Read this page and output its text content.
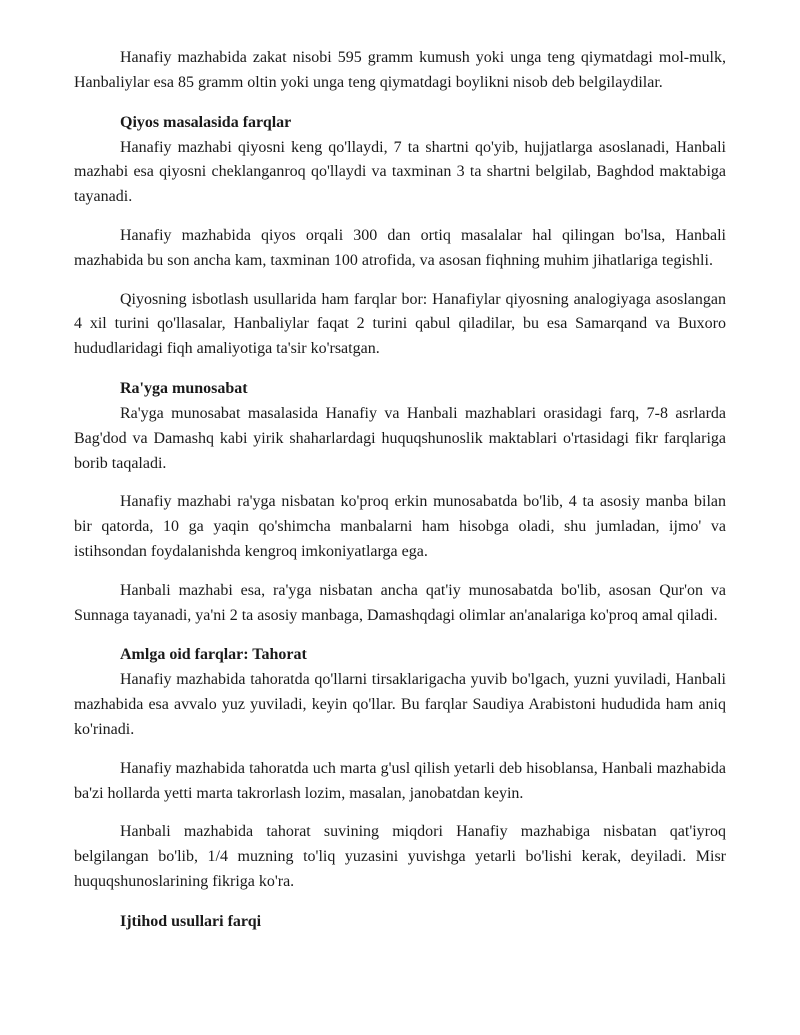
Hanafiy mazhabida zakat nisobi 595 gramm kumush yoki unga teng qiymatdagi mol-mulk, Hanbaliylar esa 85 gramm oltin yoki unga teng qiymatdagi boylikni nisob deb belgilaydilar.

Qiyos masalasida farqlar

Hanafiy mazhabi qiyosni keng qo'llaydi, 7 ta shartni qo'yib, hujjatlarga asoslanadi, Hanbali mazhabi esa qiyosni cheklanganroq qo'llaydi va taxminan 3 ta shartni belgilab, Baghdod maktabiga tayanadi.

Hanafiy mazhabida qiyos orqali 300 dan ortiq masalalar hal qilingan bo'lsa, Hanbali mazhabida bu son ancha kam, taxminan 100 atrofida, va asosan fiqhning muhim jihatlariga tegishli.

Qiyosning isbotlash usullarida ham farqlar bor: Hanafiylar qiyosning analogiyaga asoslangan 4 xil turini qo'llasalar, Hanbaliylar faqat 2 turini qabul qiladilar, bu esa Samarqand va Buxoro hududlaridagi fiqh amaliyotiga ta'sir ko'rsatgan.

Ra'yga munosabat

Ra'yga munosabat masalasida Hanafiy va Hanbali mazhablari orasidagi farq, 7-8 asrlarda Bag'dod va Damashq kabi yirik shaharlardagi huquqshunoslik maktablari o'rtasidagi fikr farqlariga borib taqaladi.

Hanafiy mazhabi ra'yga nisbatan ko'proq erkin munosabatda bo'lib, 4 ta asosiy manba bilan bir qatorda, 10 ga yaqin qo'shimcha manbalarni ham hisobga oladi, shu jumladan, ijmo' va istihsondan foydalanishda kengroq imkoniyatlarga ega.

Hanbali mazhabi esa, ra'yga nisbatan ancha qat'iy munosabatda bo'lib, asosan Qur'on va Sunnaga tayanadi, ya'ni 2 ta asosiy manbaga, Damashqdagi olimlar an'analariga ko'proq amal qiladi.

Amlga oid farqlar: Tahorat

Hanafiy mazhabida tahoratda qo'llarni tirsaklarigacha yuvib bo'lgach, yuzni yuviladi, Hanbali mazhabida esa avvalo yuz yuviladi, keyin qo'llar. Bu farqlar Saudiya Arabistoni hududida ham aniq ko'rinadi.

Hanafiy mazhabida tahoratda uch marta g'usl qilish yetarli deb hisoblansa, Hanbali mazhabida ba'zi hollarda yetti marta takrorlash lozim, masalan, janobatdan keyin.

Hanbali mazhabida tahorat suvining miqdori Hanafiy mazhabiga nisbatan qat'iyroq belgilangan bo'lib, 1/4 muzning to'liq yuzasini yuvishga yetarli bo'lishi kerak, deyiladi. Misr huquqshunoslarining fikriga ko'ra.

Ijtihod usullari farqi
